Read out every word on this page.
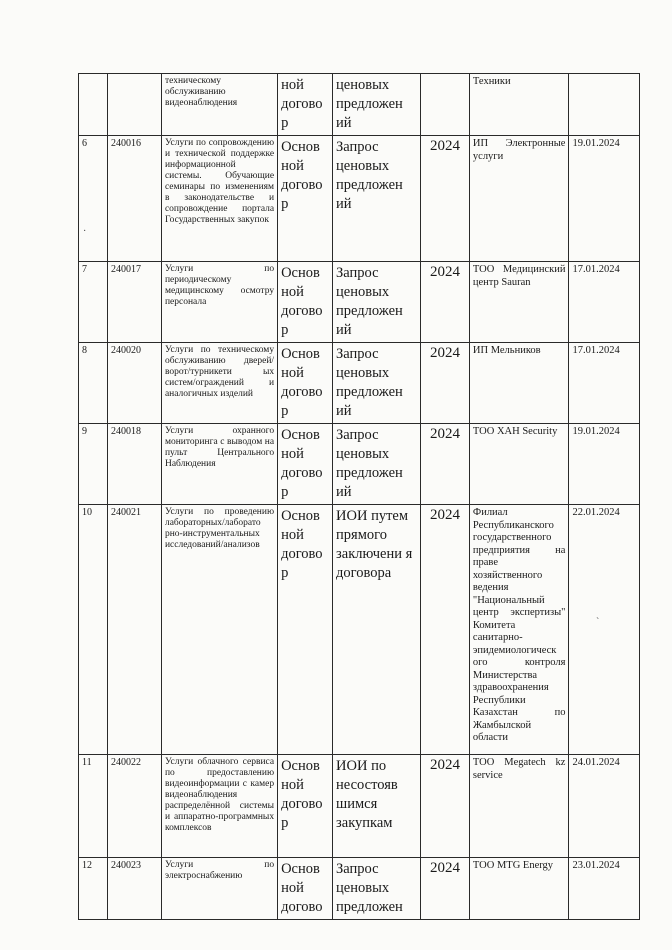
		техническому обслуживанию видеонаблюдения	ной догово р	ценовых предложен ий		Техники	

6	240016	Услуги по сопровождению и технической поддержке информационной системы. Обучающие семинары по изменениям в законодательстве и сопровождение портала Государственных закупок	Основ ной догово р	Запрос ценовых предложен ий	2024	ИП Электронные услуги	19.01.2024

7	240017	Услуги по периодическому медицинскому осмотру персонала	Основ ной догово р	Запрос ценовых предложен ий	2024	ТОО Медицинский центр Sauran	17.01.2024

8	240020	Услуги по техническому обслуживанию дверей/ворот/турникети ых систем/ограждений и аналогичных изделий	Основ ной догово р	Запрос ценовых предложен ий	2024	ИП Мельников	17.01.2024

9	240018	Услуги охранного мониторинга с выводом на пульт Центрального Наблюдения	Основ ной догово р	Запрос ценовых предложен ий	2024	ТОО ХАН Security	19.01.2024

10	240021	Услуги по проведению лабораторных/лаборато рно-инструментальных исследований/анализов	Основ ной догово р	ИОИ путем прямого заключени я договора	2024	Филиал Республиканского государственного предприятия на праве хозяйственного ведения "Национальный центр экспертизы" Комитета санитарно-эпидемиологическ ого контроля Министерства здравоохранения Республики Казахстан по Жамбылской области	22.01.2024

11	240022	Услуги облачного сервиса по предоставлению видеоинформации с камер видеонаблюдения распределённой системы и аппаратно-программных комплексов	Основ ной догово р	ИОИ по несостояв шимся закупкам	2024	ТОО Megatech kz service	24.01.2024

12	240023	Услуги по электроснабжению	Основ ной догово	Запрос ценовых предложен	2024	ТОО MTG Energy	23.01.2024
·
`
